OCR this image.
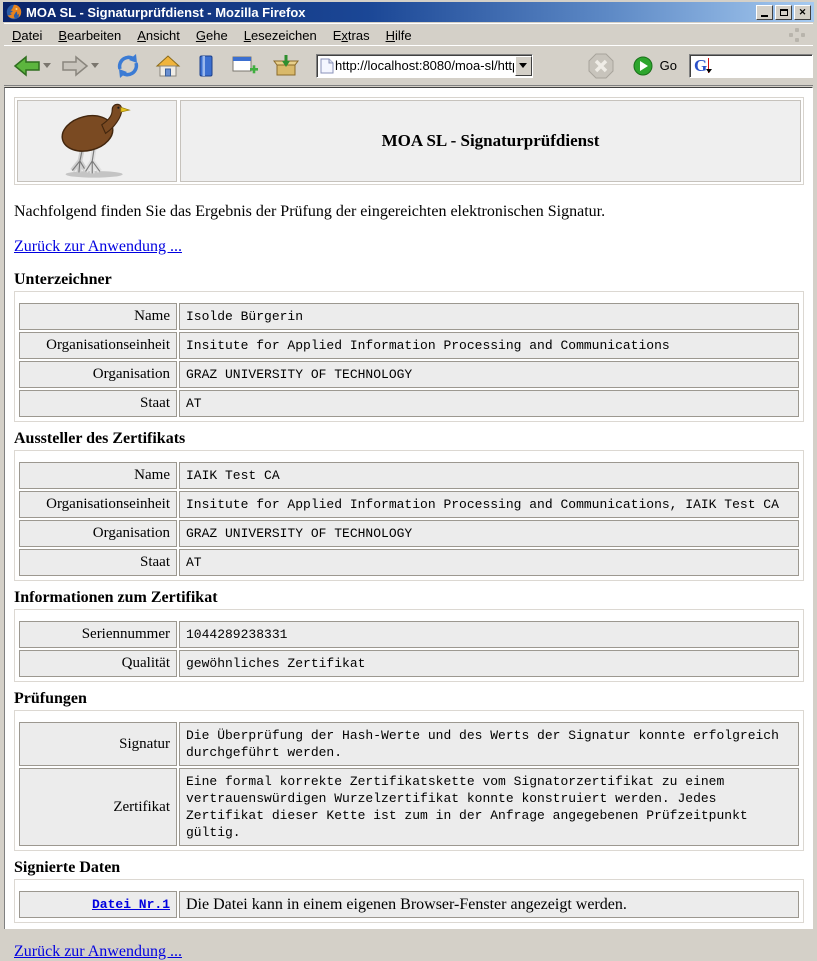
MOA SL - Signaturprüfdienst - Mozilla Firefox	✕
Datei	Bearbeiten	Ansicht	Gehe	Lesezeichen	Extras	Hilfe
http://localhost:8080/moa-sl/http-security-layer-requ
Go G
MOA SL - Signaturprüfdienst

Nachfolgend finden Sie das Ergebnis der Prüfung der eingereichten elektronischen Signatur.

Zurück zur Anwendung ...
Unterzeichner
Name	Isolde Bürgerin
Organisationseinheit	Insitute for Applied Information Processing and Communications
Organisation	GRAZ UNIVERSITY OF TECHNOLOGY
Staat	AT
Aussteller des Zertifikats
Name	IAIK Test CA
Organisationseinheit	Insitute for Applied Information Processing and Communications, IAIK Test CA
Organisation	GRAZ UNIVERSITY OF TECHNOLOGY
Staat	AT
Informationen zum Zertifikat
Seriennummer	1044289238331
Qualität	gewöhnliches Zertifikat
Prüfungen
Signatur	Die Überprüfung der Hash-Werte und des Werts der Signatur konnte erfolgreich durchgeführt werden.
Zertifikat	Eine formal korrekte Zertifikatskette vom Signatorzertifikat zu einem vertrauenswürdigen Wurzelzertifikat konnte konstruiert werden. Jedes Zertifikat dieser Kette ist zum in der Anfrage angegebenen Prüfzeitpunkt gültig.
Signierte Daten
Datei Nr.1	Die Datei kann in einem eigenen Browser-Fenster angezeigt werden.
Zurück zur Anwendung ...
